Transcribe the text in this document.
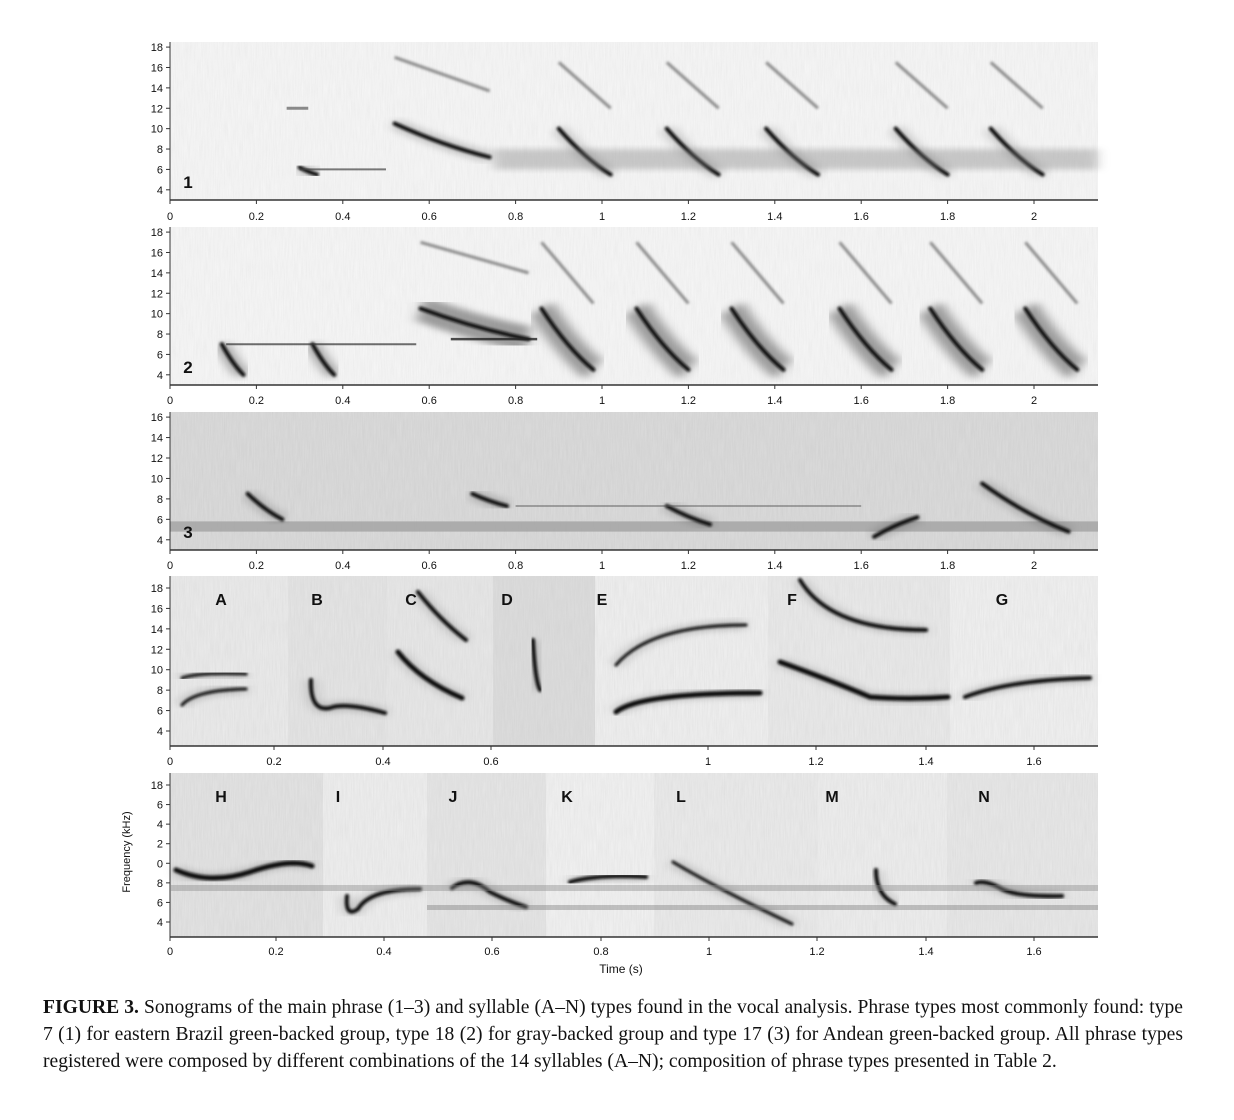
18
16
14
12
10
8
6
4
0	0.2	0.4	0.6	0.8	1	1.2	1.4	1.6	1.8	2
1
18
16
14
12
10
8
6
4
0	0.2	0.4	0.6	0.8	1	1.2	1.4	1.6	1.8	2
2
16
14
12
10
8
6
4
0	0.2	0.4	0.6	0.8	1	1.2	1.4	1.6	1.8	2
3
A	B	C	D	E	F	G
18
16
14
12
10
8
6
4
0	0.2	0.4	0.6	1	1.2	1.4	1.6
H	I	J	K	L	M	N
18
6
4
2
0
8
6
4
0	0.2	0.4	0.6	0.8	1	1.2	1.4	1.6
Frequency (kHz)
Time (s)
FIGURE 3. Sonograms of the main phrase (1–3) and syllable (A–N) types found in the vocal analysis. Phrase types most commonly found: type 7 (1) for eastern Brazil green-backed group, type 18 (2) for gray-backed group and type 17 (3) for Andean green-backed group. All phrase types registered were composed by different combinations of the 14 syllables (A–N); composition of phrase types presented in Table 2.
